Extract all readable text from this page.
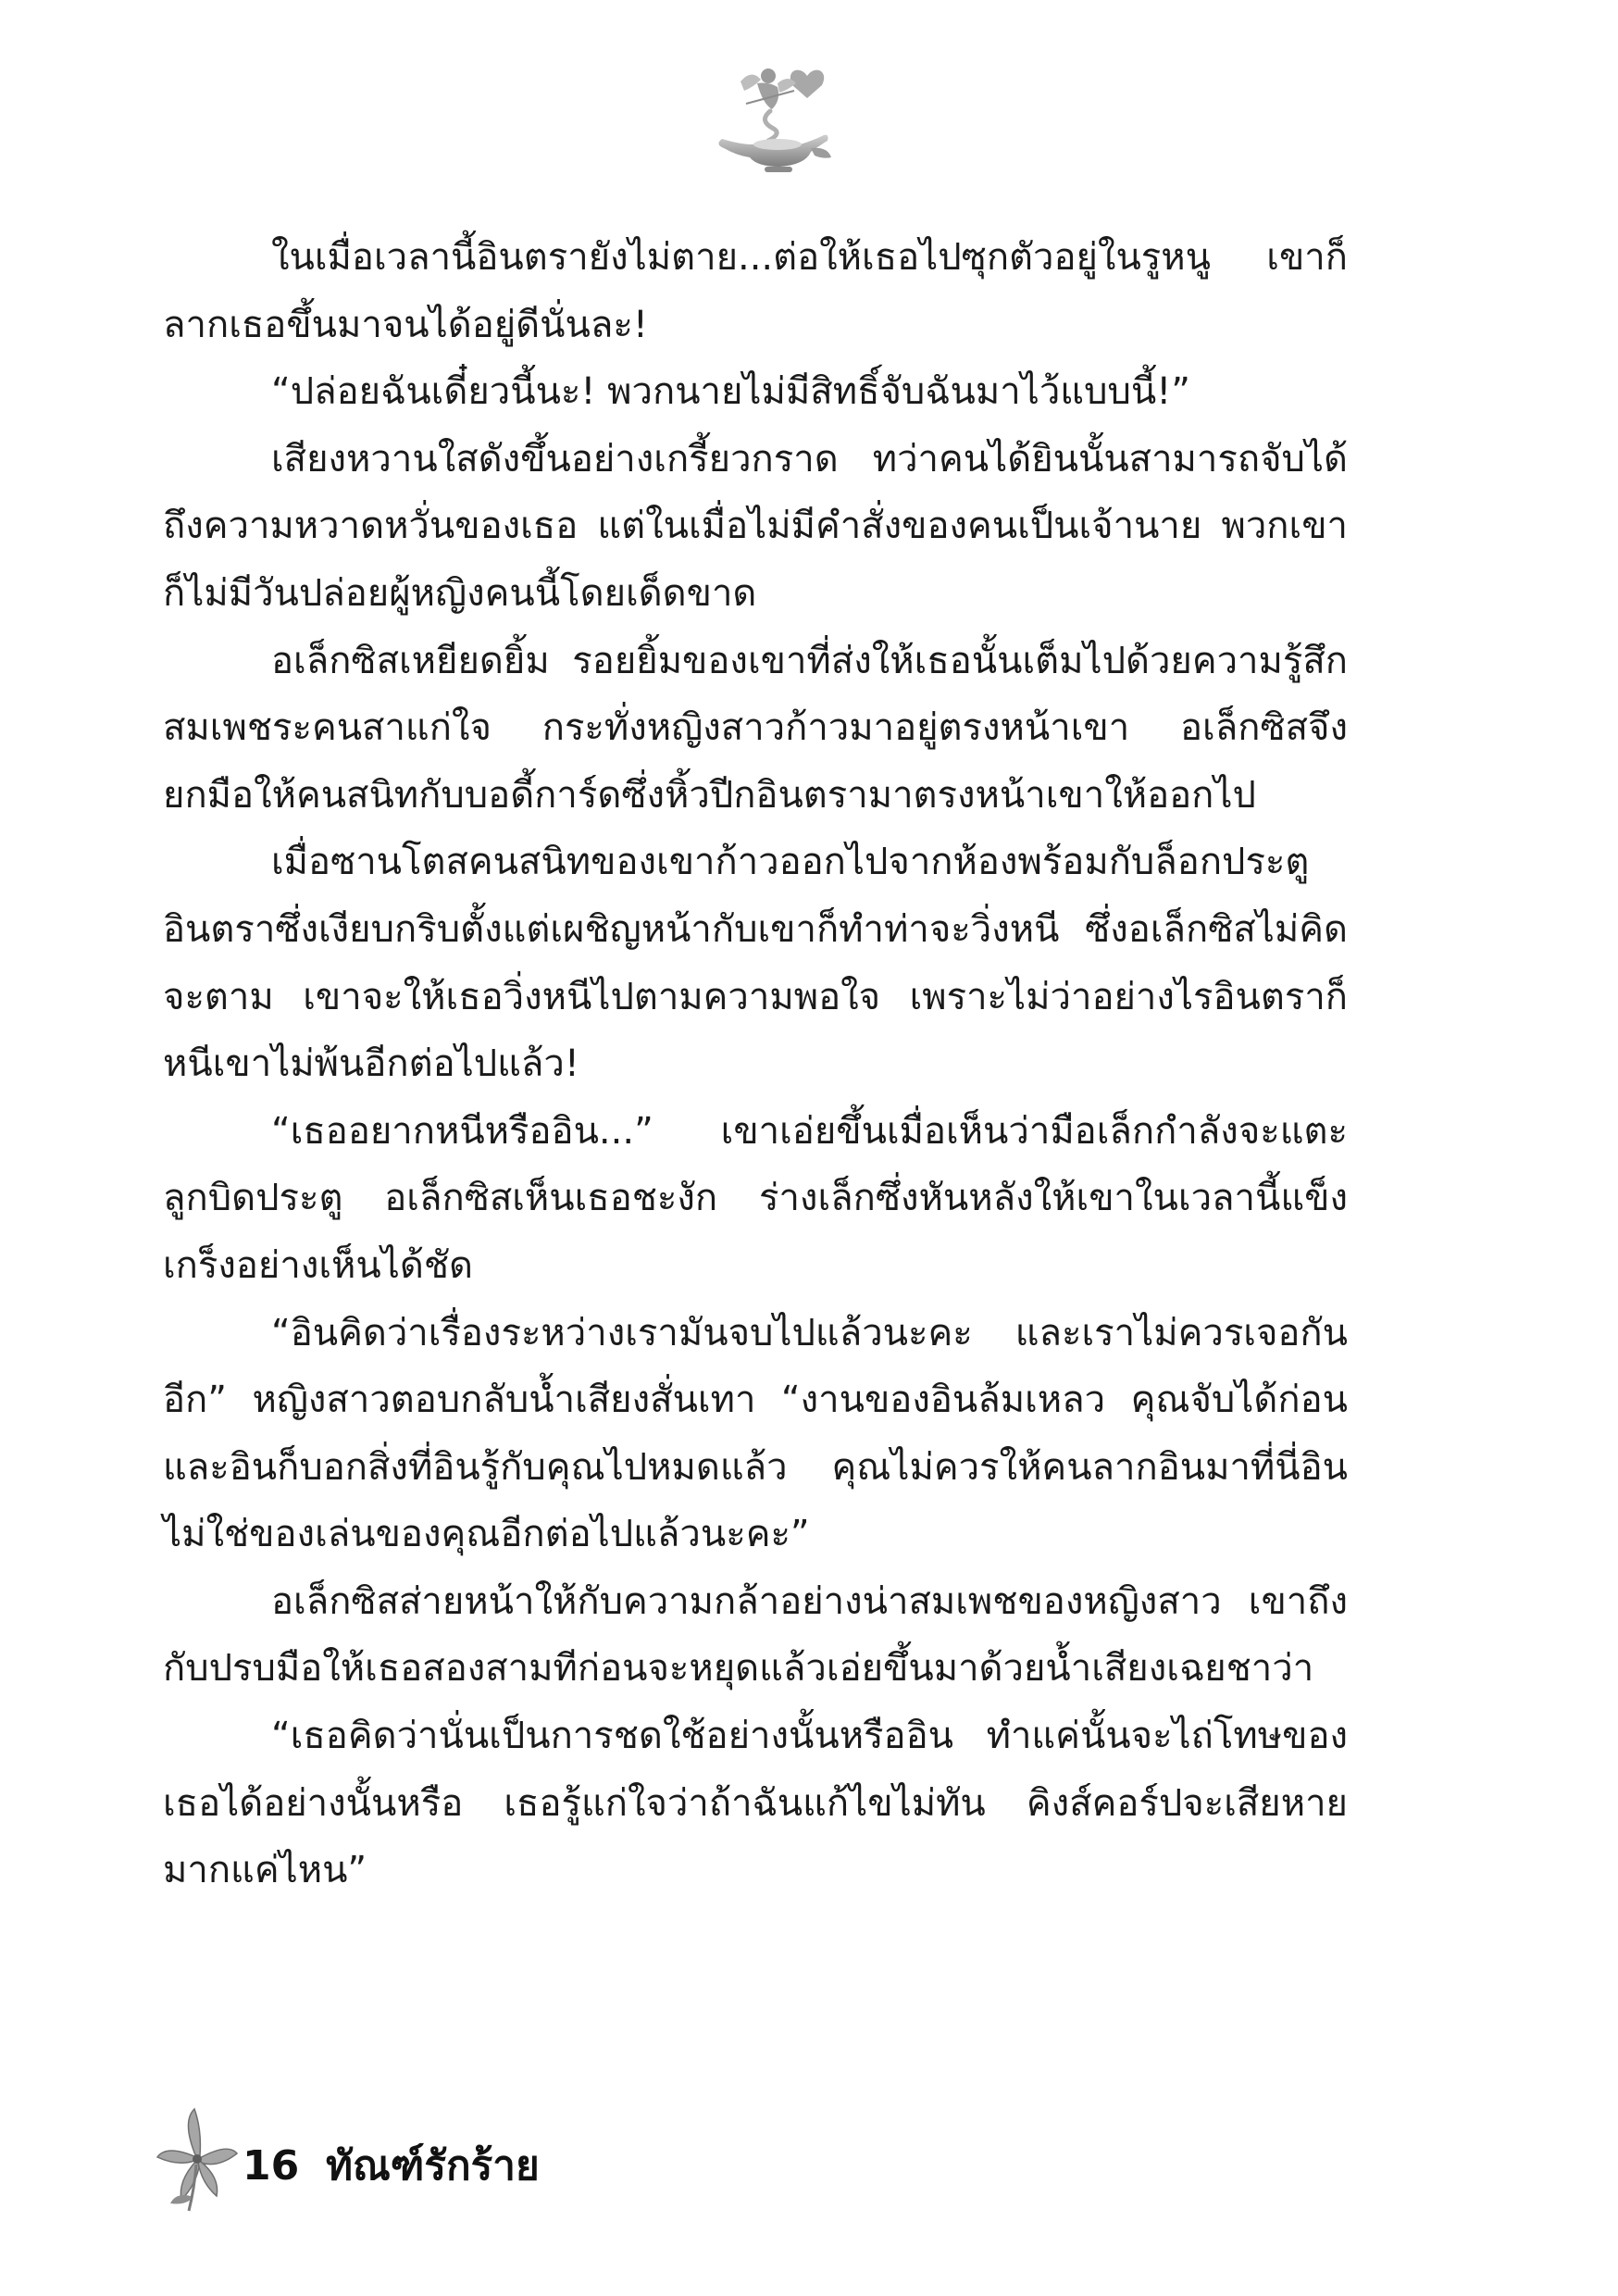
ในเมื่อเวลานี้อินตรายังไม่ตาย...ต่อให้เธอไปซุกตัวอยู่ในรูหนู เขาก็ลากเธอขึ้นมาจนได้อยู่ดีนั่นละ!

“ปล่อยฉันเดี๋ยวนี้นะ! พวกนายไม่มีสิทธิ์จับฉันมาไว้แบบนี้!”

เสียงหวานใสดังขึ้นอย่างเกรี้ยวกราด ทว่าคนได้ยินนั้นสามารถจับได้ถึงความหวาดหวั่นของเธอ แต่ในเมื่อไม่มีคำสั่งของคนเป็นเจ้านาย พวกเขาก็ไม่มีวันปล่อยผู้หญิงคนนี้โดยเด็ดขาด

อเล็กซิสเหยียดยิ้ม รอยยิ้มของเขาที่ส่งให้เธอนั้นเต็มไปด้วยความรู้สึกสมเพชระคนสาแก่ใจ กระทั่งหญิงสาวก้าวมาอยู่ตรงหน้าเขา อเล็กซิสจึงยกมือให้คนสนิทกับบอดี้การ์ดซึ่งหิ้วปีกอินตรามาตรงหน้าเขาให้ออกไป

เมื่อซานโตสคนสนิทของเขาก้าวออกไปจากห้องพร้อมกับล็อกประตูอินตราซึ่งเงียบกริบตั้งแต่เผชิญหน้ากับเขาก็ทำท่าจะวิ่งหนี ซึ่งอเล็กซิสไม่คิดจะตาม เขาจะให้เธอวิ่งหนีไปตามความพอใจ เพราะไม่ว่าอย่างไรอินตราก็หนีเขาไม่พ้นอีกต่อไปแล้ว!

“เธออยากหนีหรืออิน...” เขาเอ่ยขึ้นเมื่อเห็นว่ามือเล็กกำลังจะแตะลูกบิดประตู อเล็กซิสเห็นเธอชะงัก ร่างเล็กซึ่งหันหลังให้เขาในเวลานี้แข็งเกร็งอย่างเห็นได้ชัด

“อินคิดว่าเรื่องระหว่างเรามันจบไปแล้วนะคะ และเราไม่ควรเจอกันอีก” หญิงสาวตอบกลับน้ำเสียงสั่นเทา “งานของอินล้มเหลว คุณจับได้ก่อนและอินก็บอกสิ่งที่อินรู้กับคุณไปหมดแล้ว คุณไม่ควรให้คนลากอินมาที่นี่อินไม่ใช่ของเล่นของคุณอีกต่อไปแล้วนะคะ”

อเล็กซิสส่ายหน้าให้กับความกล้าอย่างน่าสมเพชของหญิงสาว เขาถึงกับปรบมือให้เธอสองสามทีก่อนจะหยุดแล้วเอ่ยขึ้นมาด้วยน้ำเสียงเฉยชาว่า

“เธอคิดว่านั่นเป็นการชดใช้อย่างนั้นหรืออิน ทำแค่นั้นจะไถ่โทษของเธอได้อย่างนั้นหรือ เธอรู้แก่ใจว่าถ้าฉันแก้ไขไม่ทัน คิงส์คอร์ปจะเสียหายมากแค่ไหน”

16 ทัณฑ์รักร้าย
